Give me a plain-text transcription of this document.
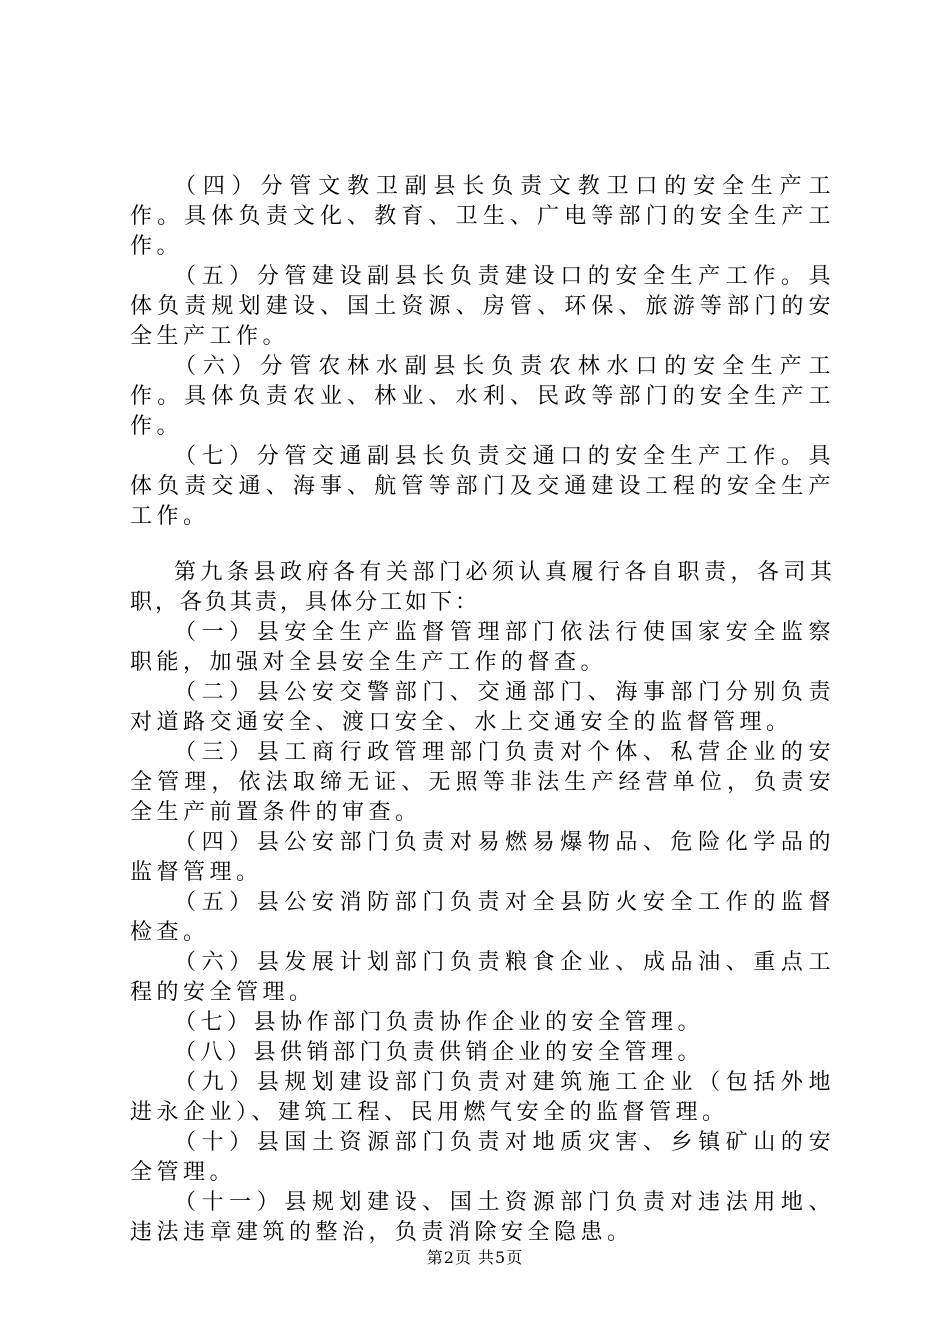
（四）分管文教卫副县长负责文教卫口的安全生产工作。具体负责文化、教育、卫生、广电等部门的安全生产工作。

（五）分管建设副县长负责建设口的安全生产工作。具体负责规划建设、国土资源、房管、环保、旅游等部门的安全生产工作。

（六）分管农林水副县长负责农林水口的安全生产工作。具体负责农业、林业、水利、民政等部门的安全生产工作。

（七）分管交通副县长负责交通口的安全生产工作。具体负责交通、海事、航管等部门及交通建设工程的安全生产工作。

第九条县政府各有关部门必须认真履行各自职责，各司其职，各负其责，具体分工如下：

（一）县安全生产监督管理部门依法行使国家安全监察职能，加强对全县安全生产工作的督查。

（二）县公安交警部门、交通部门、海事部门分别负责对道路交通安全、渡口安全、水上交通安全的监督管理。

（三）县工商行政管理部门负责对个体、私营企业的安全管理，依法取缔无证、无照等非法生产经营单位，负责安全生产前置条件的审查。

（四）县公安部门负责对易燃易爆物品、危险化学品的监督管理。

（五）县公安消防部门负责对全县防火安全工作的监督检查。

（六）县发展计划部门负责粮食企业、成品油、重点工程的安全管理。

（七）县协作部门负责协作企业的安全管理。

（八）县供销部门负责供销企业的安全管理。

（九）县规划建设部门负责对建筑施工企业（包括外地进永企业）、建筑工程、民用燃气安全的监督管理。

（十）县国土资源部门负责对地质灾害、乡镇矿山的安全管理。

（十一）县规划建设、国土资源部门负责对违法用地、违法违章建筑的整治，负责消除安全隐患。

第2页 共5页
